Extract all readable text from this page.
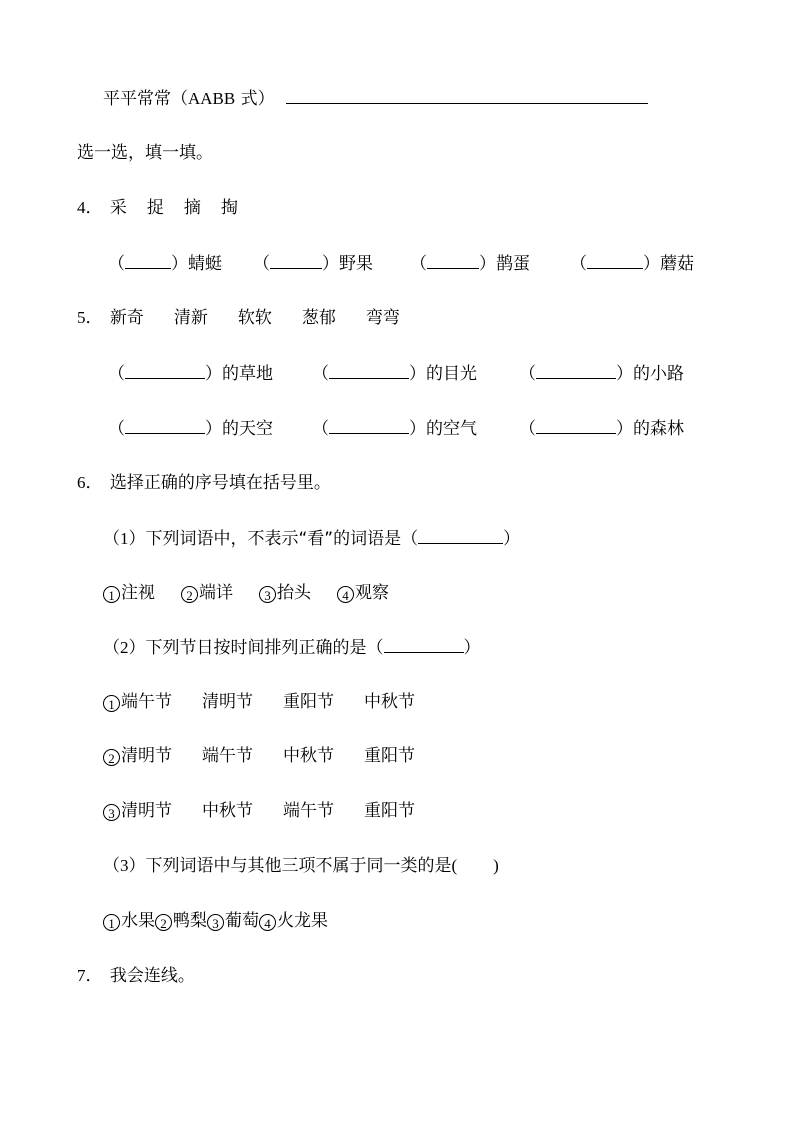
平平常常（AABB 式）
选一选，填一填。
4． 采 捉 摘 掏
（	）蜻蜓 （	）野果 （	）鹊蛋 （	）蘑菇
5． 新奇 清新 软软 葱郁 弯弯
（	）的草地 （	）的目光 （	）的小路
（	）的天空 （	）的空气 （	）的森林
6． 选择正确的序号填在括号里。
（1）下列词语中，不表示“看”的词语是（	）
1 注视 2 端详 3 抬头 4 观察
（2）下列节日按时间排列正确的是（	）
1 端午节 清明节 重阳节 中秋节
2 清明节 端午节 中秋节 重阳节
3 清明节 中秋节 端午节 重阳节
（3）下列词语中与其他三项不属于同一类的是( )
1 水果 2 鸭梨 3 葡萄 4 火龙果
7． 我会连线。
